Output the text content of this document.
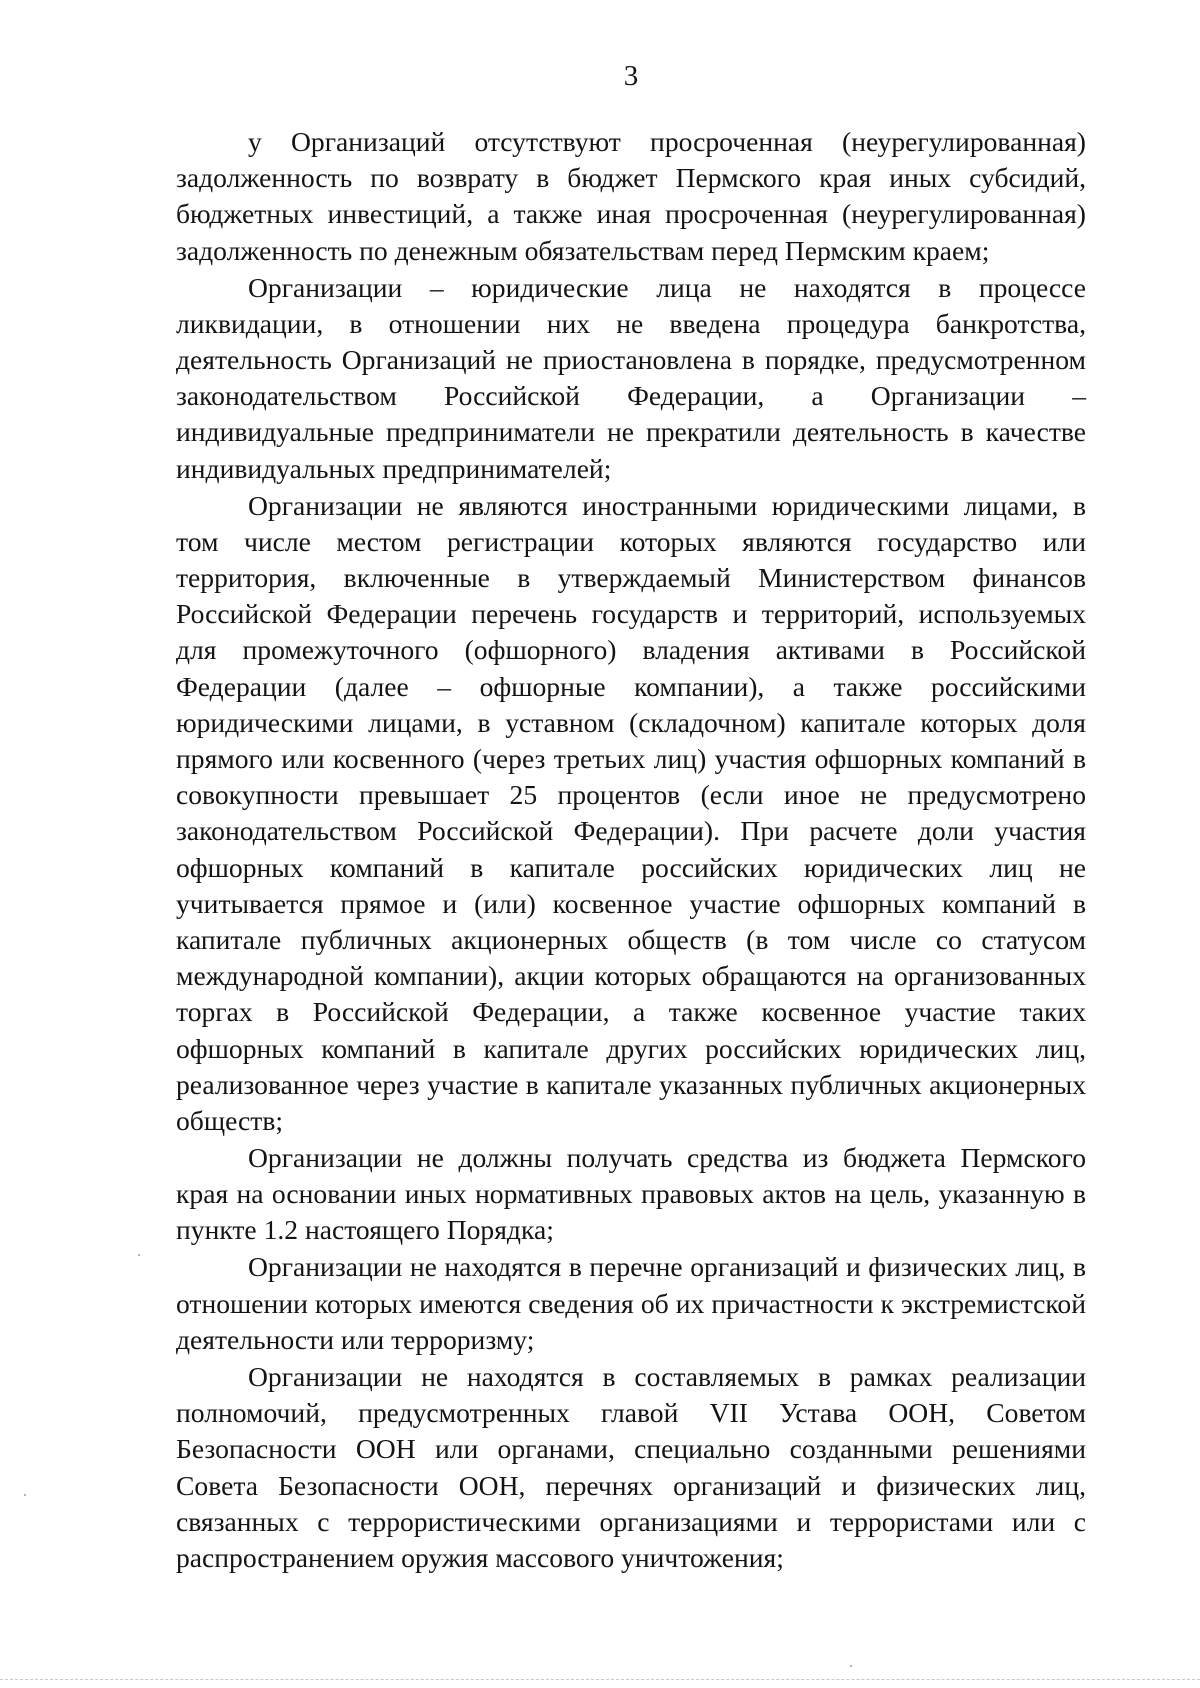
3

у Организаций отсутствуют просроченная (неурегулированная) задолженность по возврату в бюджет Пермского края иных субсидий, бюджетных инвестиций, а также иная просроченная (неурегулированная) задолженность по денежным обязательствам перед Пермским краем;

Организации – юридические лица не находятся в процессе ликвидации, в отношении них не введена процедура банкротства, деятельность Организаций не приостановлена в порядке, предусмотренном законодательством Российской Федерации, а Организации – индивидуальные предприниматели не прекратили деятельность в качестве индивидуальных предпринимателей;

Организации не являются иностранными юридическими лицами, в том числе местом регистрации которых являются государство или территория, включенные в утверждаемый Министерством финансов Российской Федерации перечень государств и территорий, используемых для промежуточного (офшорного) владения активами в Российской Федерации (далее – офшорные компании), а также российскими юридическими лицами, в уставном (складочном) капитале которых доля прямого или косвенного (через третьих лиц) участия офшорных компаний в совокупности превышает 25 процентов (если иное не предусмотрено законодательством Российской Федерации). При расчете доли участия офшорных компаний в капитале российских юридических лиц не учитывается прямое и (или) косвенное участие офшорных компаний в капитале публичных акционерных обществ (в том числе со статусом международной компании), акции которых обращаются на организованных торгах в Российской Федерации, а также косвенное участие таких офшорных компаний в капитале других российских юридических лиц, реализованное через участие в капитале указанных публичных акционерных обществ;

Организации не должны получать средства из бюджета Пермского края на основании иных нормативных правовых актов на цель, указанную в пункте 1.2 настоящего Порядка;

Организации не находятся в перечне организаций и физических лиц, в отношении которых имеются сведения об их причастности к экстремистской деятельности или терроризму;

Организации не находятся в составляемых в рамках реализации полномочий, предусмотренных главой VII Устава ООН, Советом Безопасности ООН или органами, специально созданными решениями Совета Безопасности ООН, перечнях организаций и физических лиц, связанных с террористическими организациями и террористами или с распространением оружия массового уничтожения;
